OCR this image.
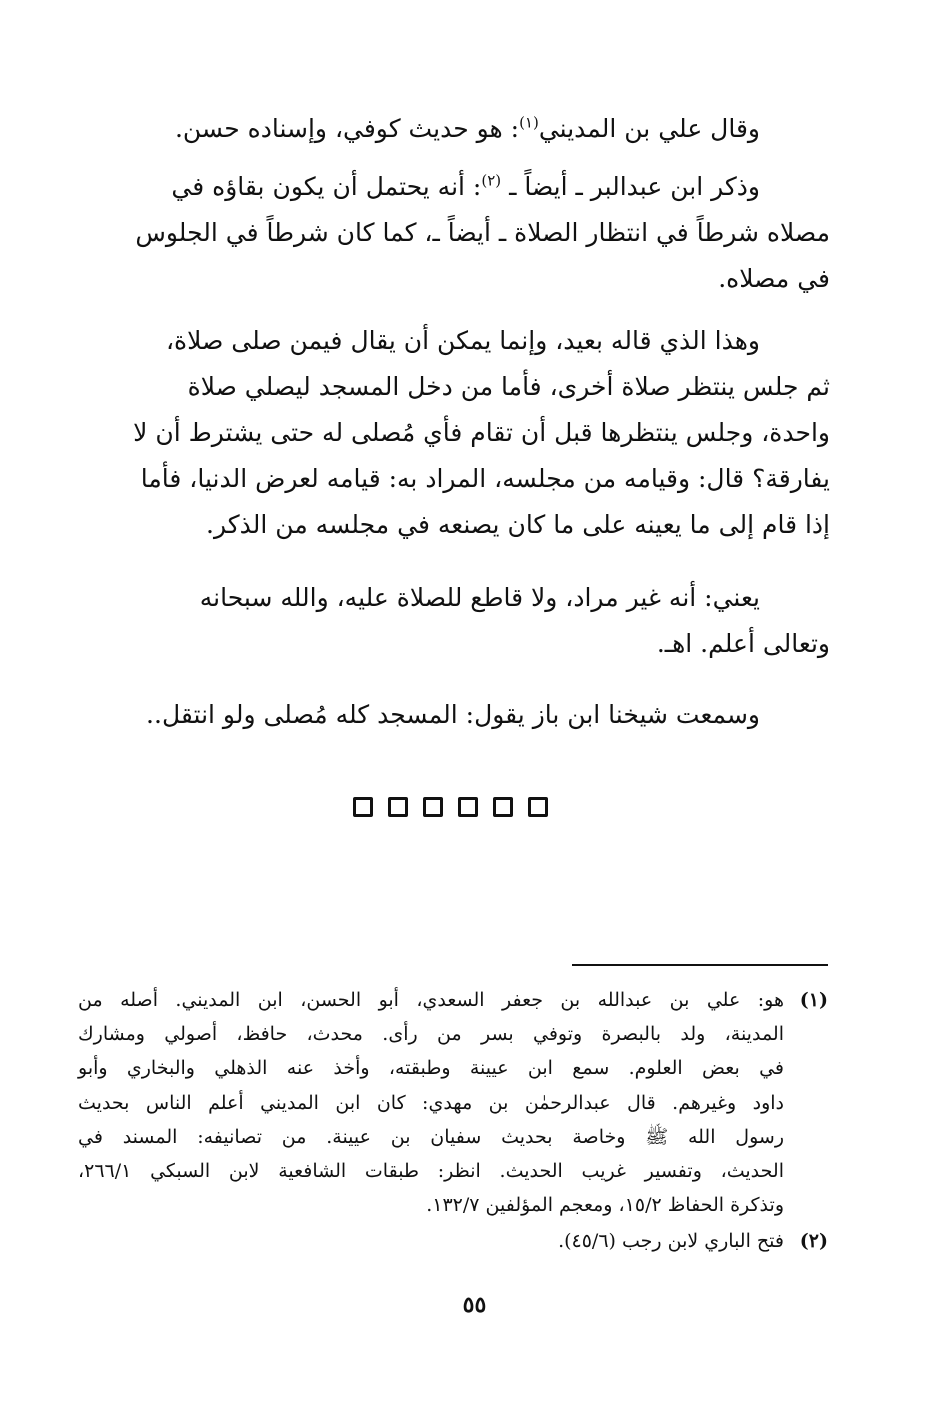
وقال علي بن المديني$^{(١)}$: هو حديث كوفي، وإسناده حسن.

وذكر ابن عبدالبر ـ أيضاً ـ $^{(٢)}$: أنه يحتمل أن يكون بقاؤه في
مصلاه شرطاً في انتظار الصلاة ـ أيضاً ـ، كما كان شرطاً في الجلوس
في مصلاه.

وهذا الذي قاله بعيد، وإنما يمكن أن يقال فيمن صلى صلاة،
ثم جلس ينتظر صلاة أخرى، فأما من دخل المسجد ليصلي صلاة
واحدة، وجلس ينتظرها قبل أن تقام فأي مُصلى له حتى يشترط أن لا
يفارقة؟ قال: وقيامه من مجلسه، المراد به: قيامه لعرض الدنيا، فأما
إذا قام إلى ما يعينه على ما كان يصنعه في مجلسه من الذكر.

يعني: أنه غير مراد، ولا قاطع للصلاة عليه، والله سبحانه
وتعالى أعلم. اهـ.

وسمعت شيخنا ابن باز يقول: المسجد كله مُصلى ولو انتقل..

(١)
هو: علي بن عبدالله بن جعفر السعدي، أبو الحسن، ابن المديني. أصله من
المدينة، ولد بالبصرة وتوفي بسر من رأى. محدث، حافظ، أصولي ومشارك
في بعض العلوم. سمع ابن عيينة وطبقته، وأخذ عنه الذهلي والبخاري وأبو
داود وغيرهم. قال عبدالرحمٰن بن مهدي: كان ابن المديني أعلم الناس بحديث
رسول الله ﷺ وخاصة بحديث سفيان بن عيينة. من تصانيفه: المسند في
الحديث، وتفسير غريب الحديث. انظر: طبقات الشافعية لابن السبكي ٢٦٦/١،
وتذكرة الحفاظ ١٥/٢، ومعجم المؤلفين ١٣٢/٧.
(٢)
فتح الباري لابن رجب (٤٥/٦).
٥٥
